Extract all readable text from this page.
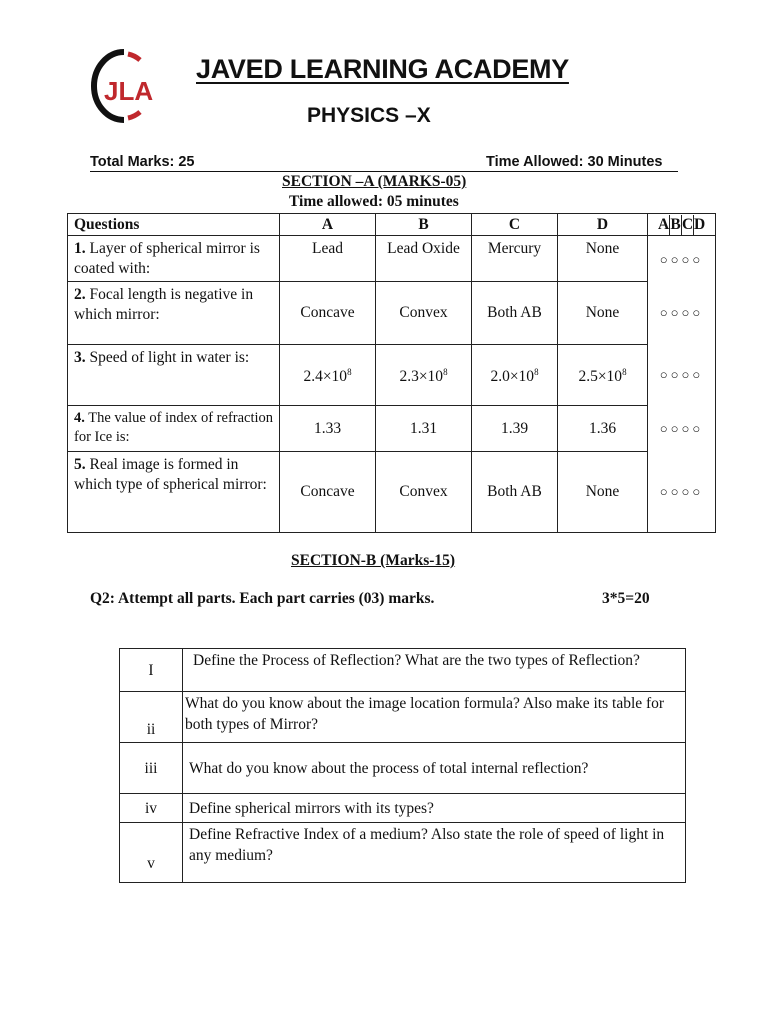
JLA
JAVED LEARNING ACADEMY
PHYSICS –X
Total Marks: 25	Time Allowed: 30 Minutes
SECTION –A (MARKS-05)
Time allowed: 05 minutes
Questions	A	B	C	D	ABCD
1. Layer of spherical mirror is coated with:	Lead	Lead Oxide	Mercury	None	○○○○
2. Focal length is negative in which mirror:	Concave	Convex	Both AB	None	○○○○
3. Speed of light in water is:	$2.4\times 10^8$	$2.3\times 10^8$	$2.0\times 10^8$	$2.5\times 10^8$	○○○○
4. The value of index of refraction for Ice is:	1.33	1.31	1.39	1.36	○○○○
5. Real image is formed in which type of spherical mirror:	Concave	Convex	Both AB	None	○○○○
SECTION-B (Marks-15)
Q2: Attempt all parts. Each part carries (03) marks.	3*5=20
I	Define the Process of Reflection? What are the two types of Reflection?
ii	What do you know about the image location formula? Also make its table for both types of Mirror?
iii	What do you know about the process of total internal reflection?
iv	Define spherical mirrors with its types?
v	Define Refractive Index of a medium? Also state the role of speed of light in any medium?
